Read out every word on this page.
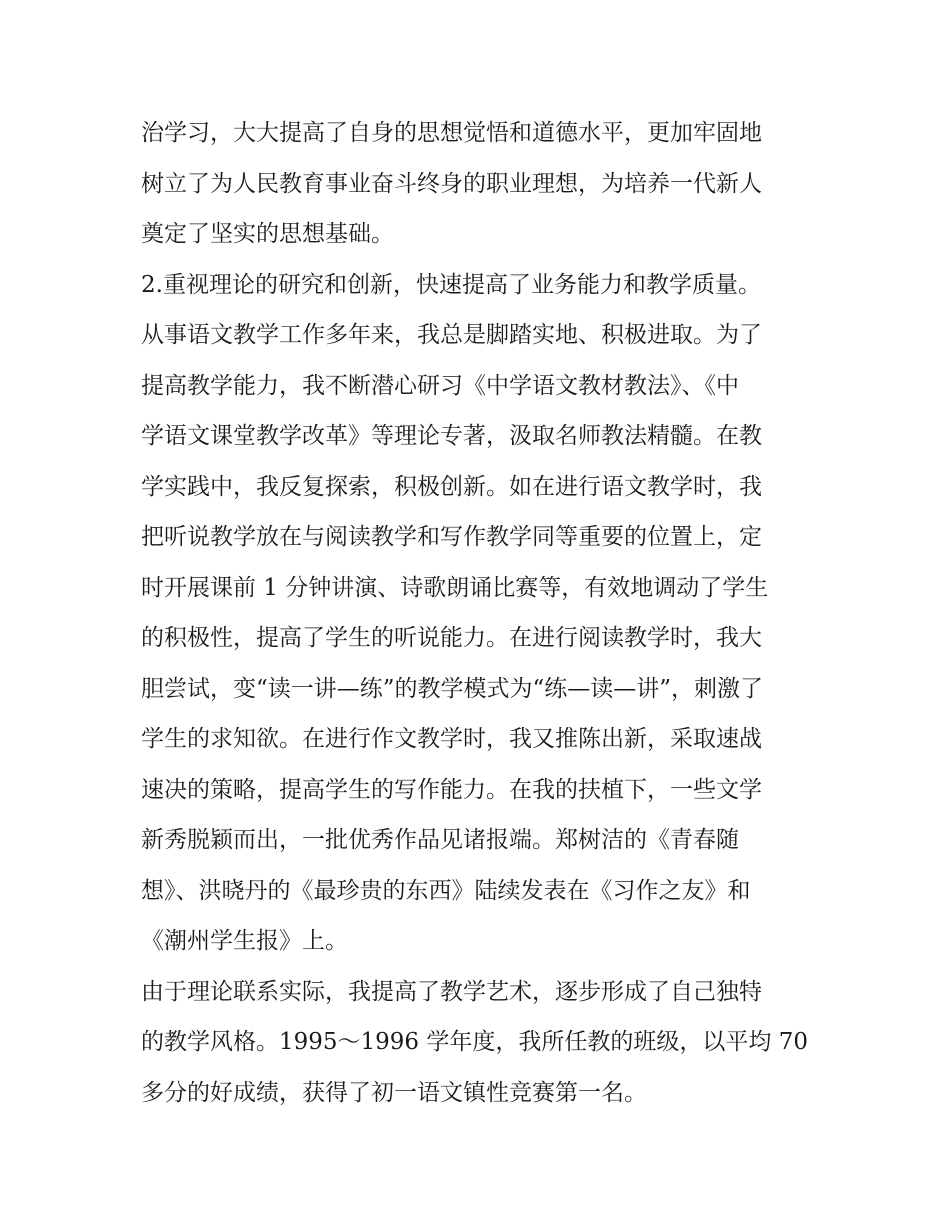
治学习，大大提高了自身的思想觉悟和道德水平，更加牢固地
树立了为人民教育事业奋斗终身的职业理想，为培养一代新人
奠定了坚实的思想基础。
2.重视理论的研究和创新，快速提高了业务能力和教学质量。
从事语文教学工作多年来，我总是脚踏实地、积极进取。为了
提高教学能力，我不断潜心研习《中学语文教材教法》、《中
学语文课堂教学改革》等理论专著，汲取名师教法精髓。在教
学实践中，我反复探索，积极创新。如在进行语文教学时，我
把听说教学放在与阅读教学和写作教学同等重要的位置上，定
时开展课前 1 分钟讲演、诗歌朗诵比赛等，有效地调动了学生
的积极性，提高了学生的听说能力。在进行阅读教学时，我大
胆尝试，变“读一讲—练”的教学模式为“练—读—讲”，刺激了
学生的求知欲。在进行作文教学时，我又推陈出新，采取速战
速决的策略，提高学生的写作能力。在我的扶植下，一些文学
新秀脱颖而出，一批优秀作品见诸报端。郑树洁的《青春随
想》、洪晓丹的《最珍贵的东西》陆续发表在《习作之友》和
《潮州学生报》上。
由于理论联系实际，我提高了教学艺术，逐步形成了自己独特
的教学风格。1995～1996 学年度，我所任教的班级，以平均 70
多分的好成绩，获得了初一语文镇性竞赛第一名。
